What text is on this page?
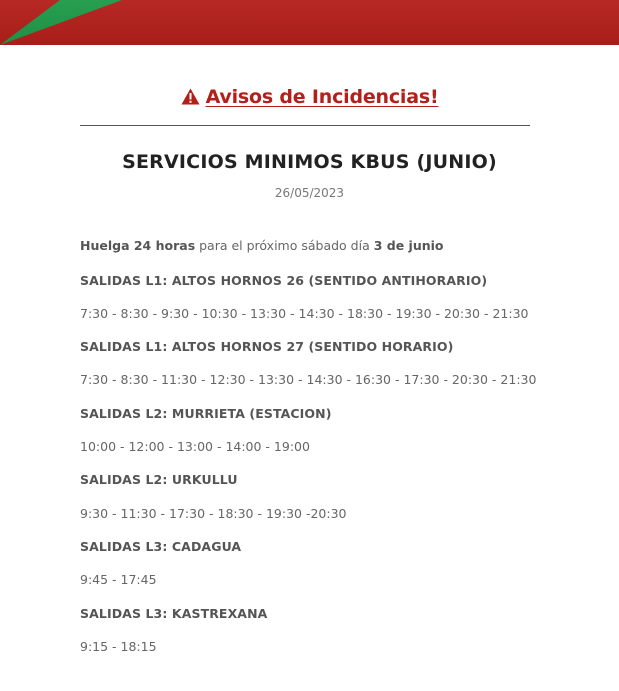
Avisos de Incidencias!
SERVICIOS MINIMOS KBUS (JUNIO)
26/05/2023
Huelga 24 horas para el próximo sábado día 3 de junio
SALIDAS L1: ALTOS HORNOS 26 (SENTIDO ANTIHORARIO)
7:30 - 8:30 - 9:30 - 10:30 - 13:30 - 14:30 - 18:30 - 19:30 - 20:30 - 21:30
SALIDAS L1: ALTOS HORNOS 27 (SENTIDO HORARIO)
7:30 - 8:30 - 11:30 - 12:30 - 13:30 - 14:30 - 16:30 - 17:30 - 20:30 - 21:30
SALIDAS L2: MURRIETA (ESTACION)
10:00 - 12:00 - 13:00 - 14:00 - 19:00
SALIDAS L2: URKULLU
9:30 - 11:30 - 17:30 - 18:30 - 19:30 -20:30
SALIDAS L3: CADAGUA
9:45 - 17:45
SALIDAS L3: KASTREXANA
9:15 - 18:15
